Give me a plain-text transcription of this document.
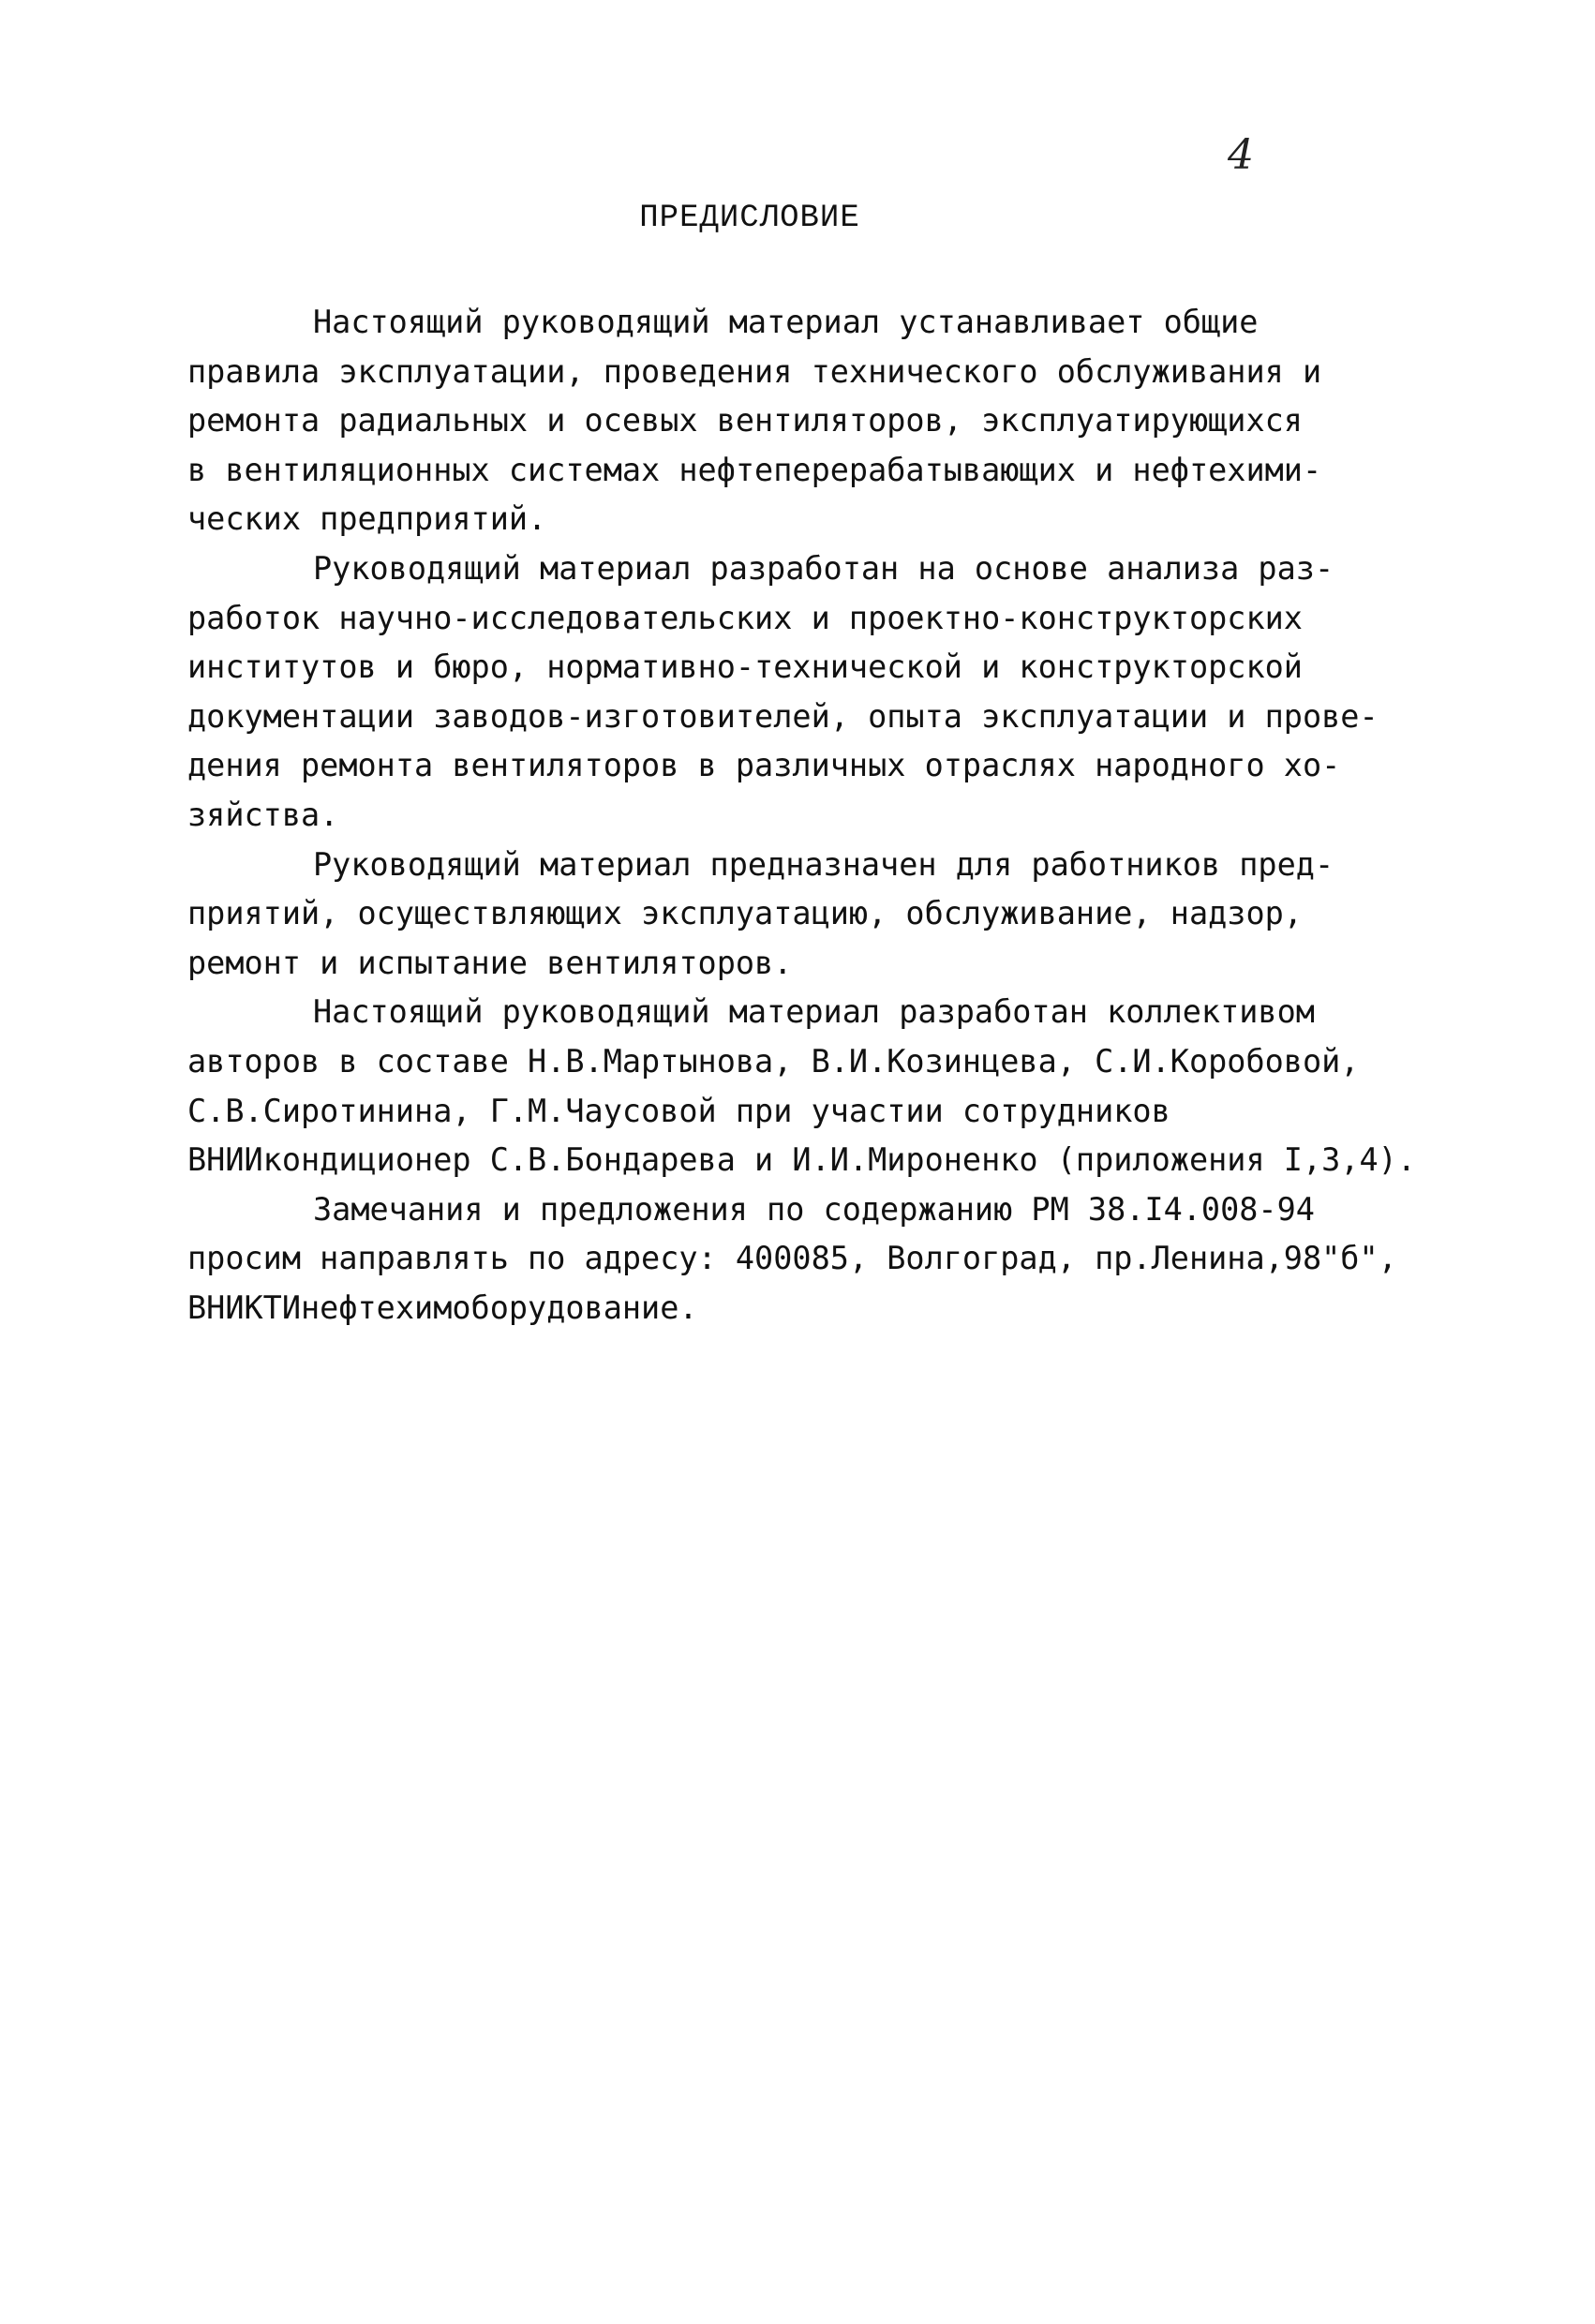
4
ПРЕДИСЛОВИЕ
Настоящий руководящий материал устанавливает общие
правила эксплуатации, проведения технического обслуживания и
ремонта радиальных и осевых вентиляторов, эксплуатирующихся
в вентиляционных системах нефтеперерабатывающих и нефтехими-
ческих предприятий.
Руководящий материал разработан на основе анализа раз-
работок научно-исследовательских и проектно-конструкторских
институтов и бюро, нормативно-технической и конструкторской
документации заводов-изготовителей, опыта эксплуатации и прове-
дения ремонта вентиляторов в различных отраслях народного хо-
зяйства.
Руководящий материал предназначен для работников пред-
приятий, осуществляющих эксплуатацию, обслуживание, надзор,
ремонт и испытание вентиляторов.
Настоящий руководящий материал разработан коллективом
авторов в составе Н.В.Мартынова, В.И.Козинцева, С.И.Коробовой,
С.В.Сиротинина, Г.М.Чаусовой при участии сотрудников
ВНИИкондиционер С.В.Бондарева и И.И.Мироненко (приложения I,3,4).
Замечания и предложения по содержанию РМ 38.I4.008-94
просим направлять по адресу: 400085, Волгоград, пр.Ленина,98"б",
ВНИКТИнефтехимоборудование.
